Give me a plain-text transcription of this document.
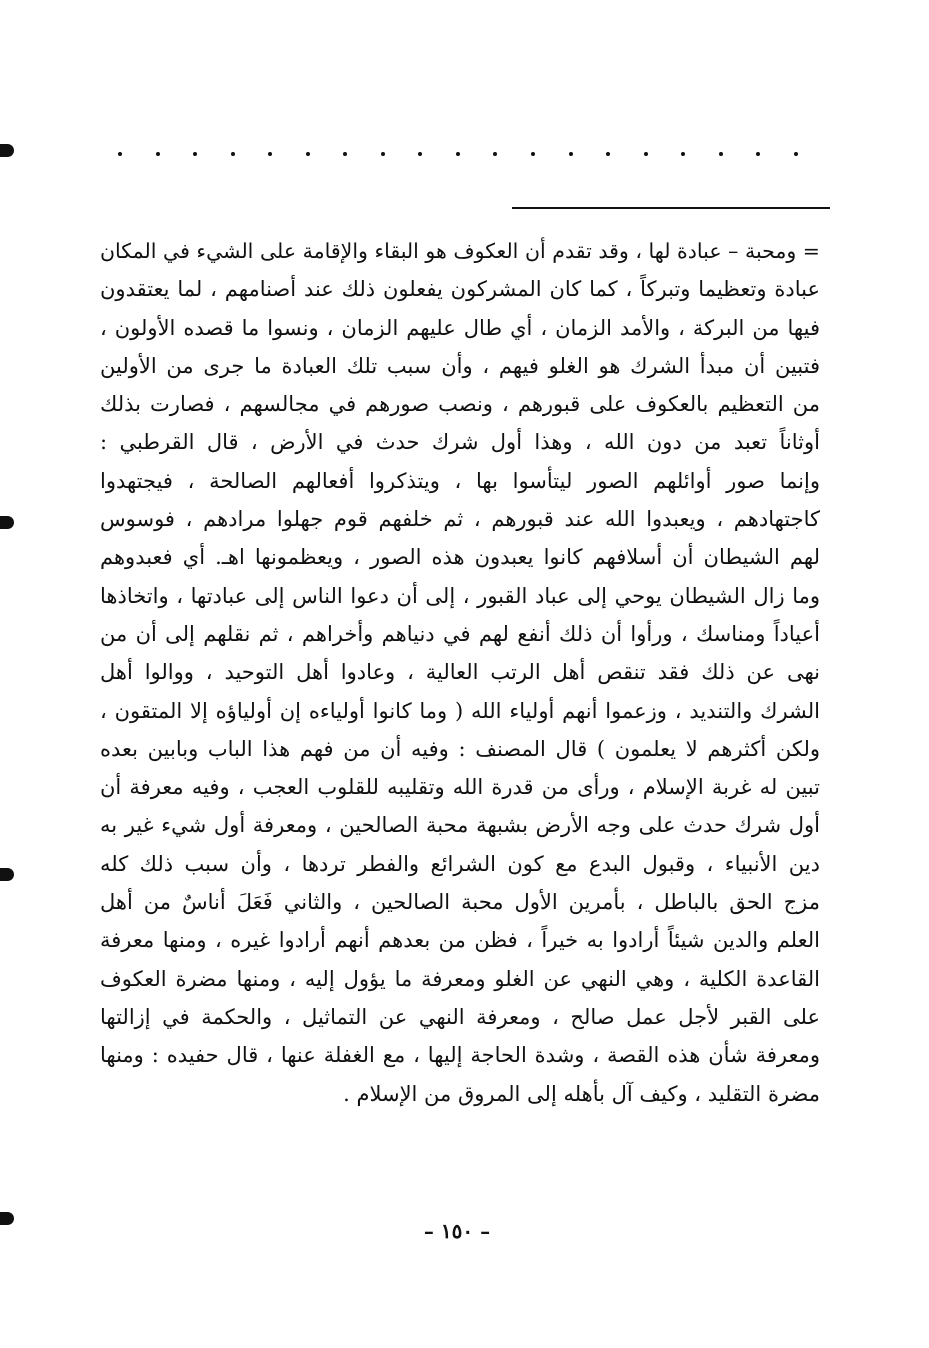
= ومحبة – عبادة لها ، وقد تقدم أن العكوف هو البقاء والإقامة على الشيء في المكان
عبادة وتعظيما وتبركاً ، كما كان المشركون يفعلون ذلك عند أصنامهم ، لما يعتقدون
فيها من البركة ، والأمد الزمان ، أي طال عليهم الزمان ، ونسوا ما قصده الأولون ،
فتبين أن مبدأ الشرك هو الغلو فيهم ، وأن سبب تلك العبادة ما جرى من الأولين
من التعظيم بالعكوف على قبورهم ، ونصب صورهم في مجالسهم ، فصارت بذلك
أوثاناً تعبد من دون الله ، وهذا أول شرك حدث في الأرض ، قال القرطبي :
وإنما صور أوائلهم الصور ليتأسوا بها ، ويتذكروا أفعالهم الصالحة ، فيجتهدوا
كاجتهادهم ، ويعبدوا الله عند قبورهم ، ثم خلفهم قوم جهلوا مرادهم ، فوسوس
لهم الشيطان أن أسلافهم كانوا يعبدون هذه الصور ، ويعظمونها اهـ. أي فعبدوهم
وما زال الشيطان يوحي إلى عباد القبور ، إلى أن دعوا الناس إلى عبادتها ، واتخاذها
أعياداً ومناسك ، ورأوا أن ذلك أنفع لهم في دنياهم وأخراهم ، ثم نقلهم إلى أن من
نهى عن ذلك فقد تنقص أهل الرتب العالية ، وعادوا أهل التوحيد ، ووالوا أهل
الشرك والتنديد ، وزعموا أنهم أولياء الله ( وما كانوا أولياءه إن أولياؤه إلا المتقون ،
ولكن أكثرهم لا يعلمون ) قال المصنف : وفيه أن من فهم هذا الباب وبابين بعده
تبين له غربة الإسلام ، ورأى من قدرة الله وتقليبه للقلوب العجب ، وفيه معرفة أن
أول شرك حدث على وجه الأرض بشبهة محبة الصالحين ، ومعرفة أول شيء غير به
دين الأنبياء ، وقبول البدع مع كون الشرائع والفطر تردها ، وأن سبب ذلك كله
مزج الحق بالباطل ، بأمرين الأول محبة الصالحين ، والثاني فَعَلَ أناسٌ من أهل
العلم والدين شيئاً أرادوا به خيراً ، فظن من بعدهم أنهم أرادوا غيره ، ومنها معرفة
القاعدة الكلية ، وهي النهي عن الغلو ومعرفة ما يؤول إليه ، ومنها مضرة العكوف
على القبر لأجل عمل صالح ، ومعرفة النهي عن التماثيل ، والحكمة في إزالتها
ومعرفة شأن هذه القصة ، وشدة الحاجة إليها ، مع الغفلة عنها ، قال حفيده : ومنها
مضرة التقليد ، وكيف آل بأهله إلى المروق من الإسلام .
– ١٥٠ –
